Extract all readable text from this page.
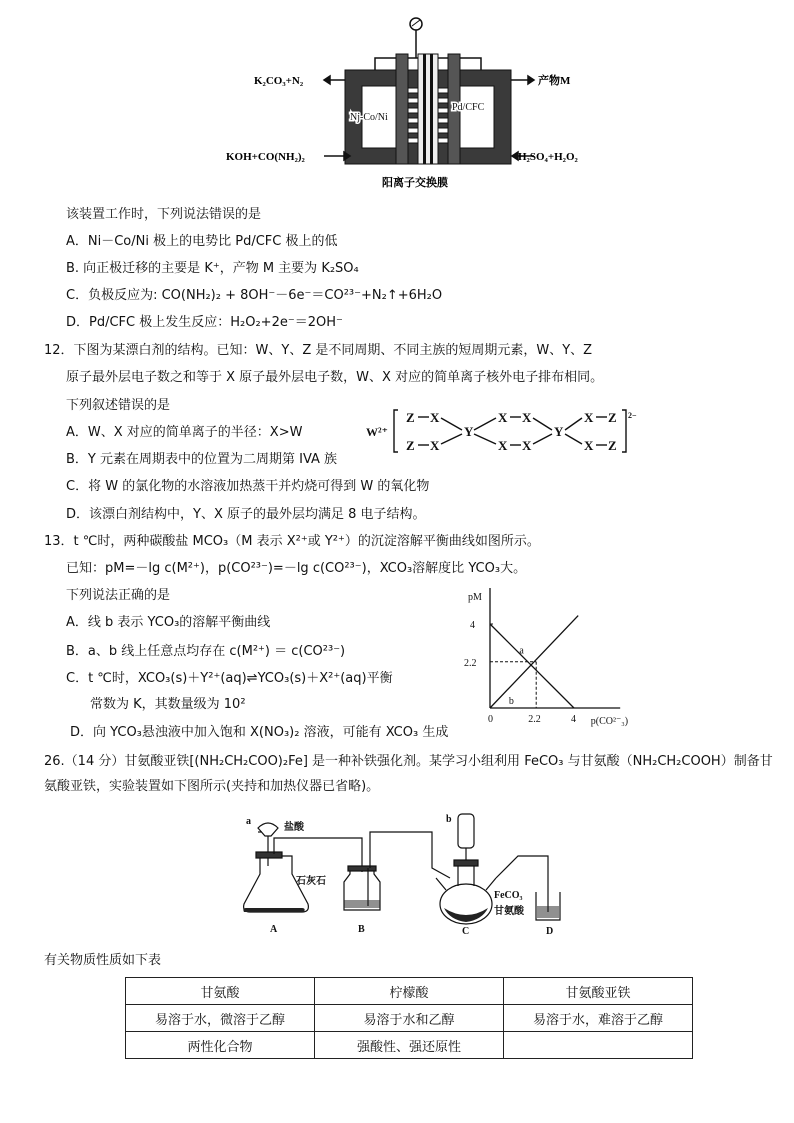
K₂CO₃+N₂
KOH+CO(NH₂)₂
产物M
H₂SO₄+H₂O₂
Nj-Co/Ni
Pd/CFC
阳离子交换膜
该装置工作时，下列说法错误的是
A．Ni－Co/Ni 极上的电势比 Pd/CFC 极上的低
B. 向正极迁移的主要是 K⁺，产物 M 主要为 K₂SO₄
C．负极反应为: CO(NH₂)₂ + 8OH⁻－6e⁻＝CO²³⁻+N₂↑+6H₂O
D．Pd/CFC 极上发生反应：H₂O₂+2e⁻＝2OH⁻
12．下图为某漂白剂的结构。已知：W、Y、Z 是不同周期、不同主族的短周期元素，W、Y、Z
原子最外层电子数之和等于 X 原子最外层电子数，W、X 对应的简单离子核外电子排布相同。
下列叙述错误的是
A．W、X 对应的简单离子的半径：X>W
B．Y 元素在周期表中的位置为二周期第 IVA 族
C．将 W 的氯化物的水溶液加热蒸干并灼烧可得到 W 的氧化物
D．该漂白剂结构中，Y、X 原子的最外层均满足 8 电子结构。
W²⁺
Z X
Z X
Y
X X
X X
Y
X Z
X Z
2−
13．t ℃时，两种碳酸盐 MCO₃（M 表示 X²⁺或 Y²⁺）的沉淀溶解平衡曲线如图所示。
已知：pM=－lg c(M²⁺)，p(CO²³⁻)=－lg c(CO²³⁻)，XCO₃溶解度比 YCO₃大。
下列说法正确的是
A．线 b 表示 YCO₃的溶解平衡曲线
B．a、b 线上任意点均存在 c(M²⁺) ＝ c(CO²³⁻)
C．t ℃时，XCO₃(s)＋Y²⁺(aq)⇌YCO₃(s)＋X²⁺(aq)平衡
常数为 K，其数量级为 10²
D．向 YCO₃悬浊液中加入饱和 X(NO₃)₂ 溶液，可能有 XCO₃ 生成
pM
4
2.2
0	2.2	4 p(CO²⁻₃)
a
b
26.（14 分）甘氨酸亚铁[(NH₂CH₂COO)₂Fe] 是一种补铁强化剂。某学习小组利用 FeCO₃ 与甘氨酸（NH₂CH₂COOH）制备甘
氨酸亚铁，实验装置如下图所示(夹持和加热仪器已省略)。
a
盐酸
石灰石
b
FeCO₃
甘氨酸
A	B	C	D
有关物质性质如下表
甘氨酸	柠檬酸	甘氨酸亚铁
易溶于水，微溶于乙醇	易溶于水和乙醇	易溶于水，难溶于乙醇
两性化合物	强酸性、强还原性	
